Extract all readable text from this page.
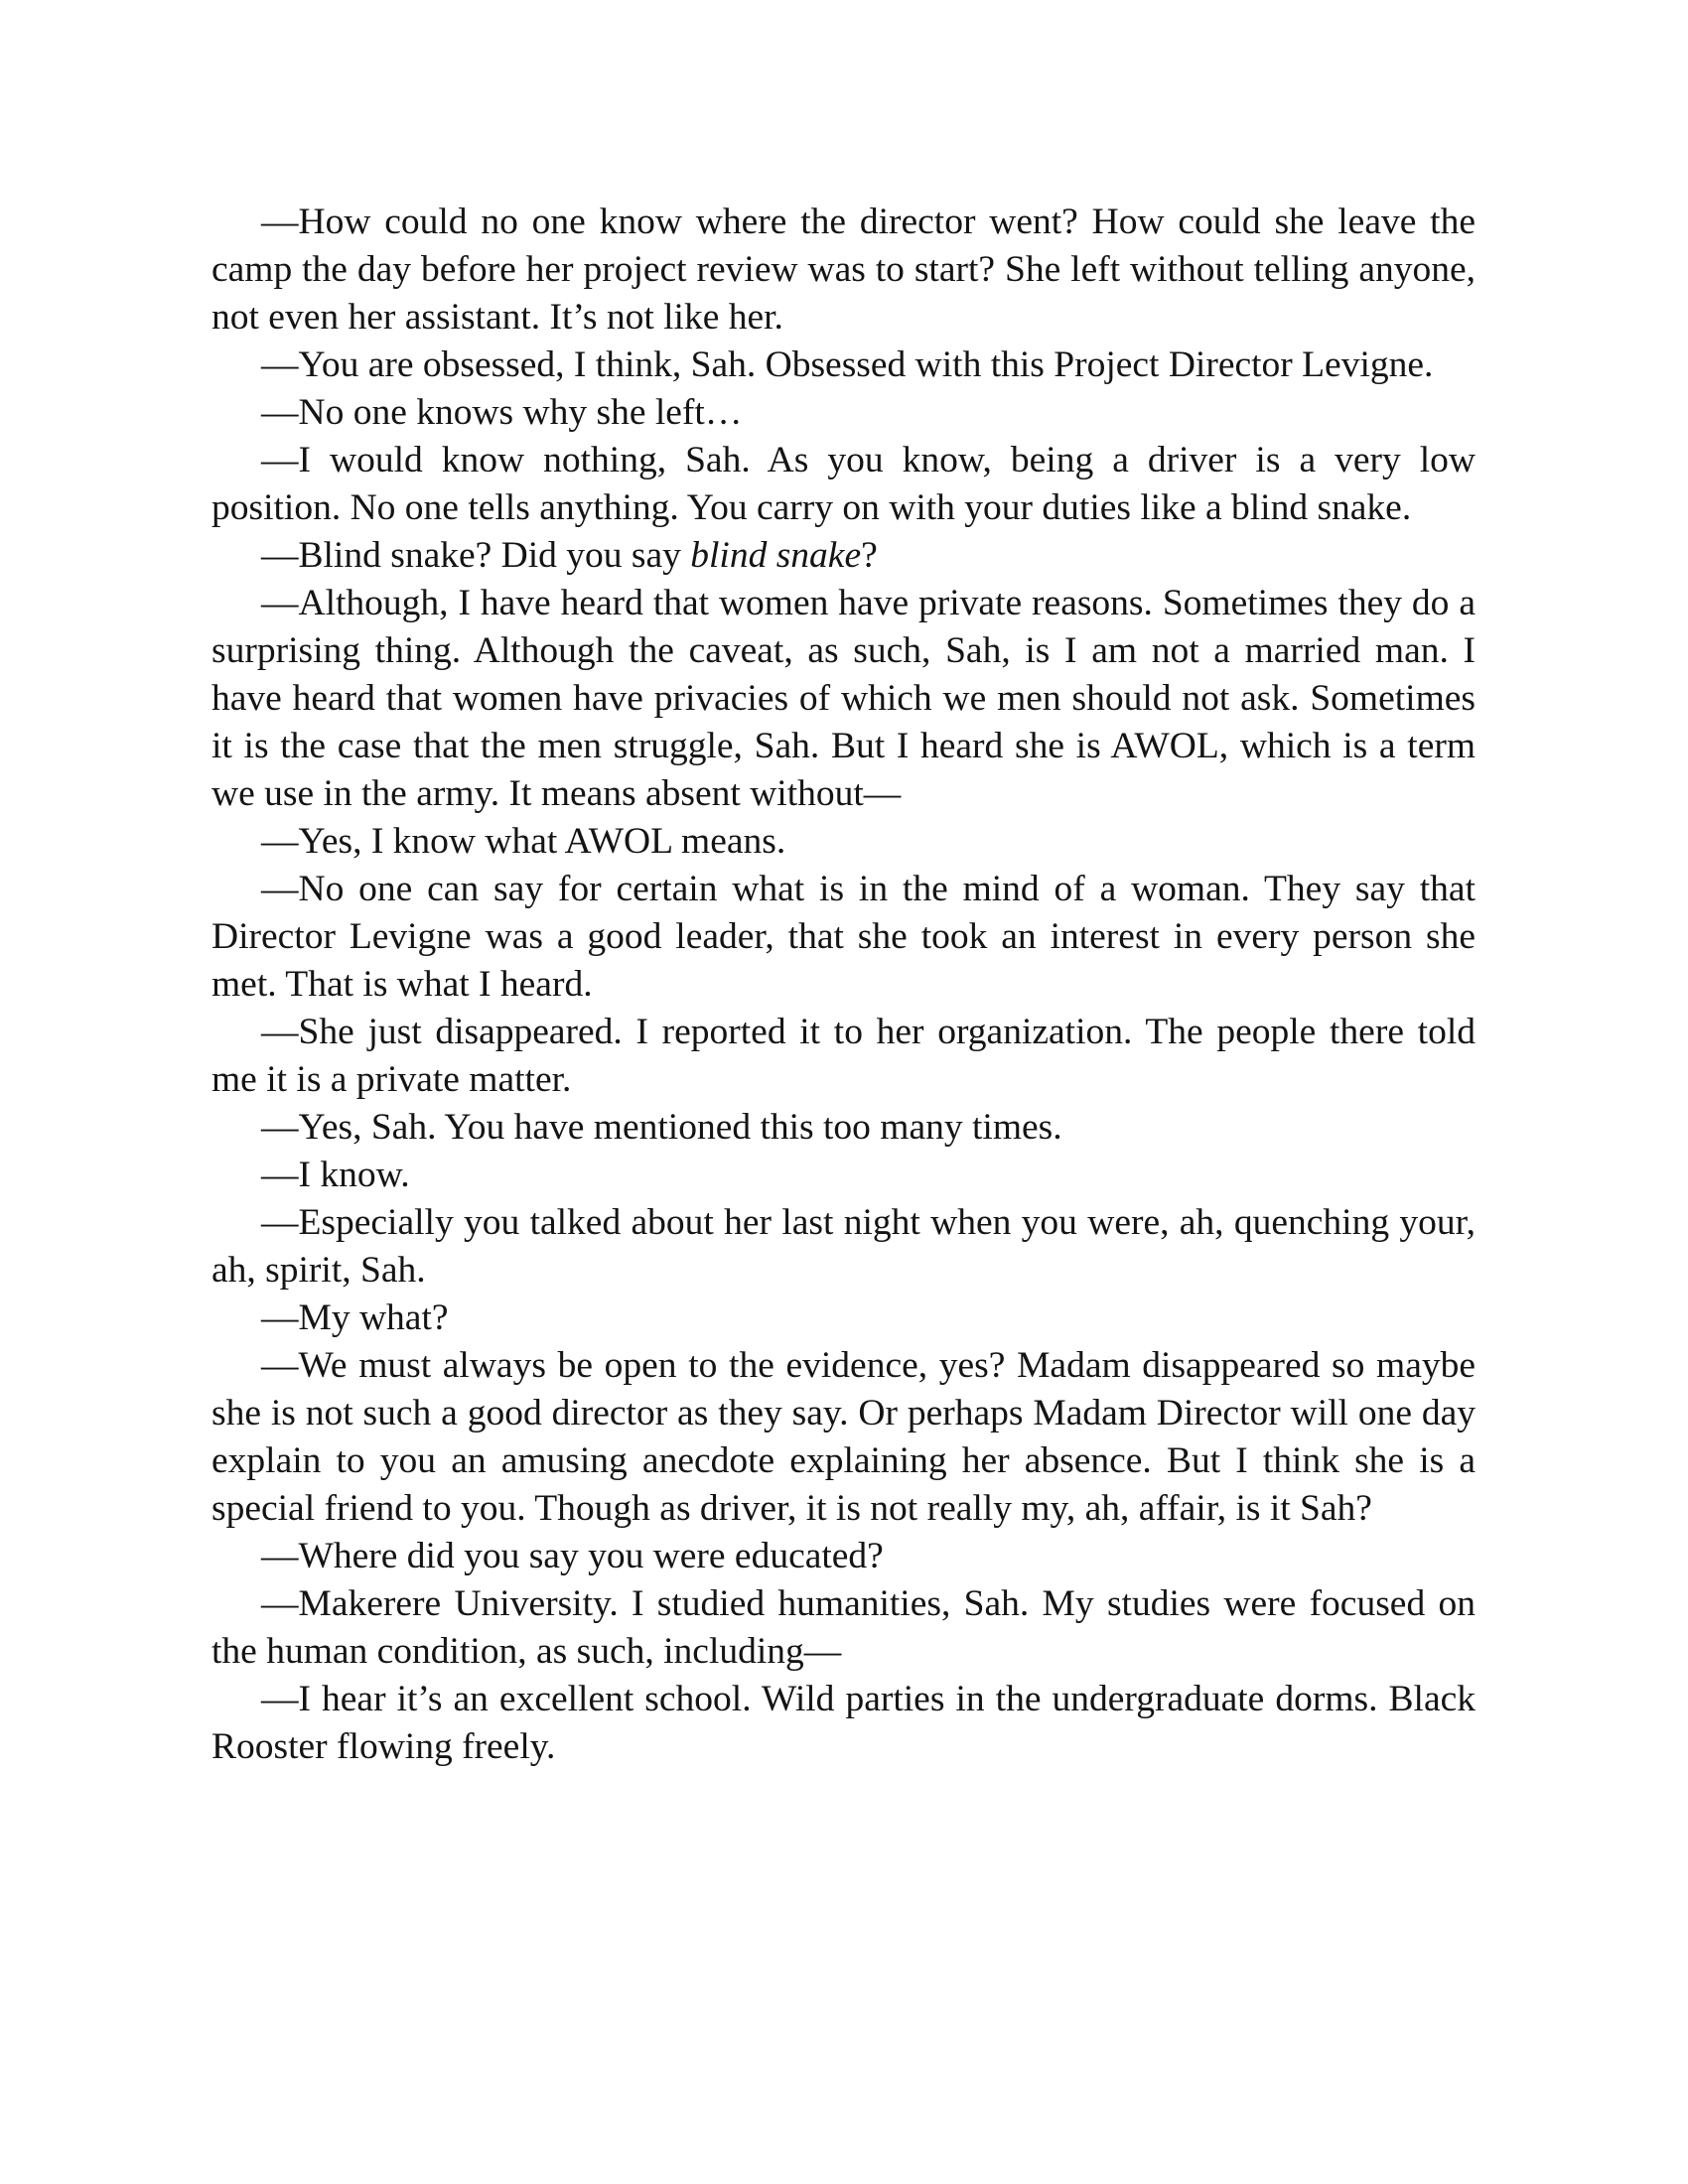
—How could no one know where the director went? How could she leave the camp the day before her project review was to start? She left without telling anyone, not even her assistant. It’s not like her.

—You are obsessed, I think, Sah. Obsessed with this Project Director Levigne.

—No one knows why she left…

—I would know nothing, Sah. As you know, being a driver is a very low position. No one tells anything. You carry on with your duties like a blind snake.

—Blind snake? Did you say blind snake?

—Although, I have heard that women have private reasons. Sometimes they do a surprising thing. Although the caveat, as such, Sah, is I am not a married man. I have heard that women have privacies of which we men should not ask. Sometimes it is the case that the men struggle, Sah. But I heard she is AWOL, which is a term we use in the army. It means absent without—

—Yes, I know what AWOL means.

—No one can say for certain what is in the mind of a woman. They say that Director Levigne was a good leader, that she took an interest in every person she met. That is what I heard.

—She just disappeared. I reported it to her organization. The people there told me it is a private matter.

—Yes, Sah. You have mentioned this too many times.

—I know.

—Especially you talked about her last night when you were, ah, quenching your, ah, spirit, Sah.

—My what?

—We must always be open to the evidence, yes? Madam disappeared so maybe she is not such a good director as they say. Or perhaps Madam Director will one day explain to you an amusing anecdote explaining her absence. But I think she is a special friend to you. Though as driver, it is not really my, ah, affair, is it Sah?

—Where did you say you were educated?

—Makerere University. I studied humanities, Sah. My studies were focused on the human condition, as such, including—

—I hear it’s an excellent school. Wild parties in the undergraduate dorms. Black Rooster flowing freely.
